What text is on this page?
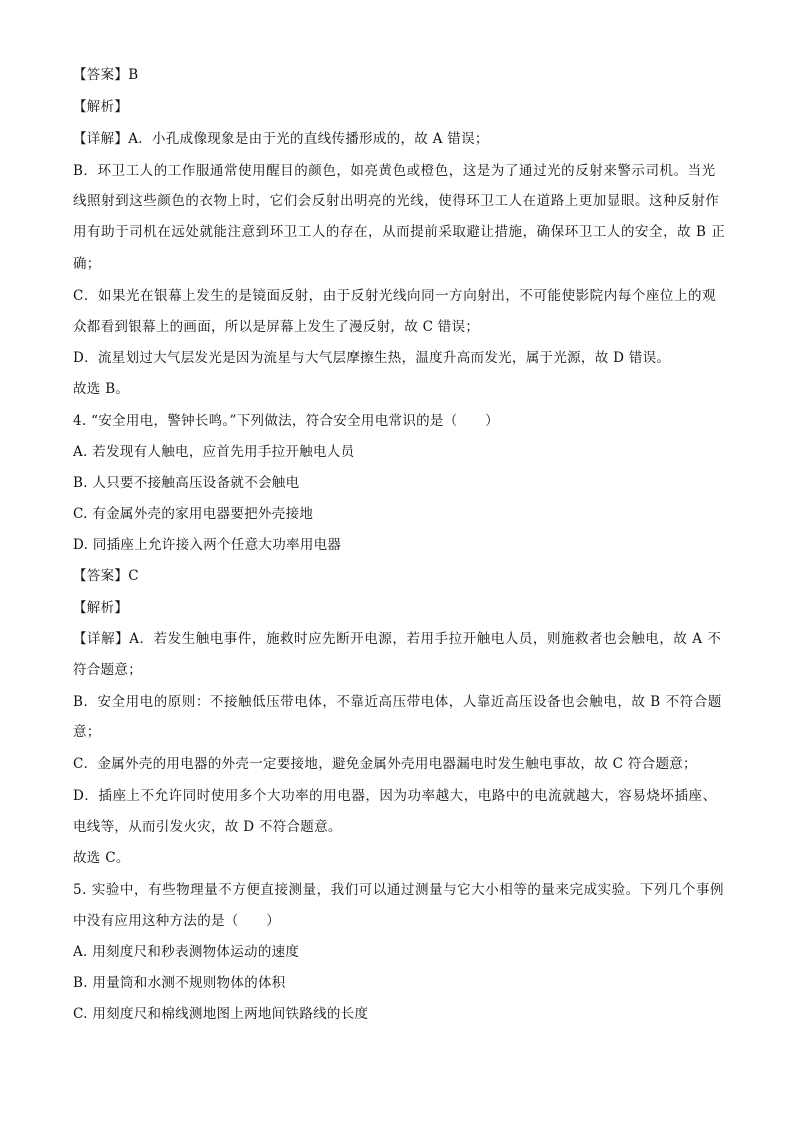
【答案】B
【解析】
【详解】A．小孔成像现象是由于光的直线传播形成的，故 A 错误；
B．环卫工人的工作服通常使用醒目的颜色，如亮黄色或橙色，这是为了通过光的反射来警示司机。当光
线照射到这些颜色的衣物上时，它们会反射出明亮的光线，使得环卫工人在道路上更加显眼。这种反射作
用有助于司机在远处就能注意到环卫工人的存在，从而提前采取避让措施，确保环卫工人的安全，故 B 正
确；
C．如果光在银幕上发生的是镜面反射，由于反射光线向同一方向射出，不可能使影院内每个座位上的观
众都看到银幕上的画面，所以是屏幕上发生了漫反射，故 C 错误；
D．流星划过大气层发光是因为流星与大气层摩擦生热，温度升高而发光，属于光源，故 D 错误。
故选 B。
4. “安全用电，警钟长鸣。”下列做法，符合安全用电常识的是（　　）
A. 若发现有人触电，应首先用手拉开触电人员
B. 人只要不接触高压设备就不会触电
C. 有金属外壳的家用电器要把外壳接地
D. 同插座上允许接入两个任意大功率用电器
【答案】C
【解析】
【详解】A．若发生触电事件，施救时应先断开电源，若用手拉开触电人员，则施救者也会触电，故 A 不
符合题意；
B．安全用电的原则：不接触低压带电体，不靠近高压带电体，人靠近高压设备也会触电，故 B 不符合题
意；
C．金属外壳的用电器的外壳一定要接地，避免金属外壳用电器漏电时发生触电事故，故 C 符合题意；
D．插座上不允许同时使用多个大功率的用电器，因为功率越大，电路中的电流就越大，容易烧坏插座、
电线等，从而引发火灾，故 D 不符合题意。
故选 C。
5. 实验中，有些物理量不方便直接测量，我们可以通过测量与它大小相等的量来完成实验。下列几个事例
中没有应用这种方法的是（　　）
A. 用刻度尺和秒表测物体运动的速度
B. 用量筒和水测不规则物体的体积
C. 用刻度尺和棉线测地图上两地间铁路线的长度
